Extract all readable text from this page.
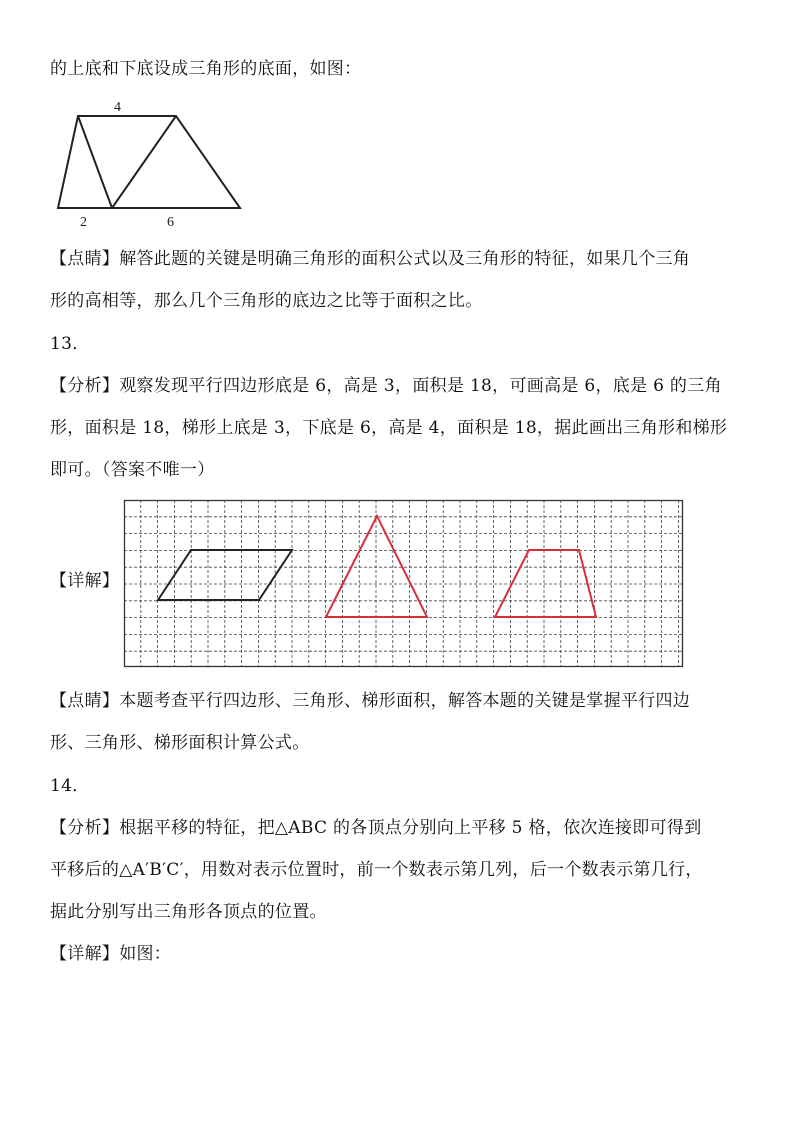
的上底和下底设成三角形的底面，如图：
4
2	6
【点睛】解答此题的关键是明确三角形的面积公式以及三角形的特征，如果几个三角
形的高相等，那么几个三角形的底边之比等于面积之比。
13．
【分析】观察发现平行四边形底是 6，高是 3，面积是 18，可画高是 6，底是 6 的三角
形，面积是 18，梯形上底是 3，下底是 6，高是 4，面积是 18，据此画出三角形和梯形
即可。（答案不唯一）
【详解】
【点睛】本题考查平行四边形、三角形、梯形面积，解答本题的关键是掌握平行四边
形、三角形、梯形面积计算公式。
14．
【分析】根据平移的特征，把△ABC 的各顶点分别向上平移 5 格，依次连接即可得到
平移后的△A′B′C′，用数对表示位置时，前一个数表示第几列，后一个数表示第几行，
据此分别写出三角形各顶点的位置。
【详解】如图：
